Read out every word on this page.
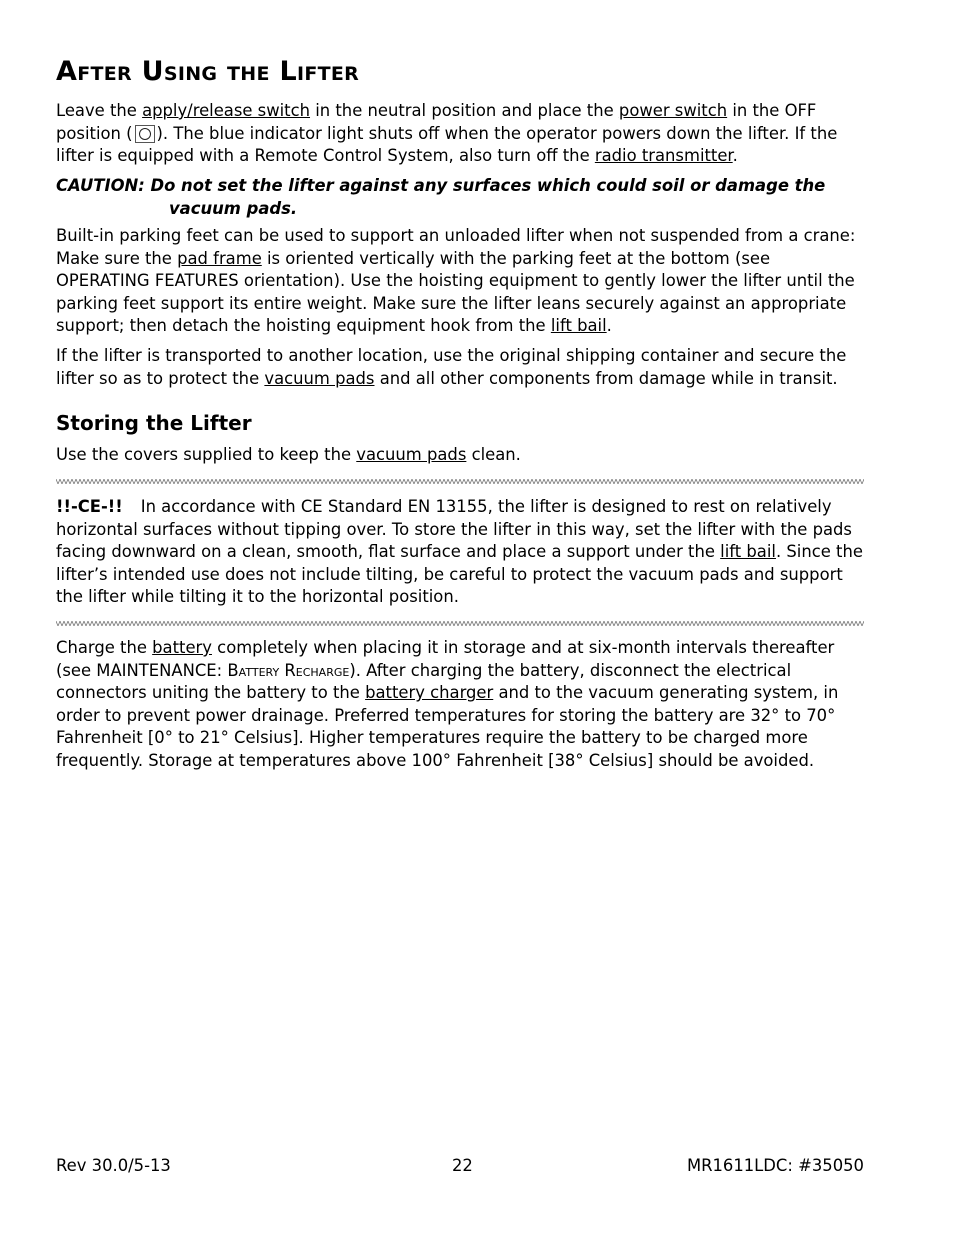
After Using the Lifter

Leave the apply/release switch in the neutral position and place the power switch in the OFF position ( ). The blue indicator light shuts off when the operator powers down the lifter. If the lifter is equipped with a Remote Control System, also turn off the radio transmitter.

CAUTION: Do not set the lifter against any surfaces which could soil or damage the
vacuum pads.

Built-in parking feet can be used to support an unloaded lifter when not suspended from a crane: Make sure the pad frame is oriented vertically with the parking feet at the bottom (see OPERATING FEATURES orientation). Use the hoisting equipment to gently lower the lifter until the parking feet support its entire weight. Make sure the lifter leans securely against an appropriate support; then detach the hoisting equipment hook from the lift bail.

If the lifter is transported to another location, use the original shipping container and secure the lifter so as to protect the vacuum pads and all other components from damage while in transit.

Storing the Lifter

Use the covers supplied to keep the vacuum pads clean.

!!-CE-!! In accordance with CE Standard EN 13155, the lifter is designed to rest on relatively horizontal surfaces without tipping over. To store the lifter in this way, set the lifter with the pads facing downward on a clean, smooth, flat surface and place a support under the lift bail. Since the lifter’s intended use does not include tilting, be careful to protect the vacuum pads and support the lifter while tilting it to the horizontal position.

Charge the battery completely when placing it in storage and at six-month intervals thereafter (see MAINTENANCE: Battery Recharge). After charging the battery, disconnect the electrical connectors uniting the battery to the battery charger and to the vacuum generating system, in order to prevent power drainage. Preferred temperatures for storing the battery are 32° to 70° Fahrenheit [0° to 21° Celsius]. Higher temperatures require the battery to be charged more frequently. Storage at temperatures above 100° Fahrenheit [38° Celsius] should be avoided.

Rev 30.0/5-13	22	MR1611LDC: #35050
